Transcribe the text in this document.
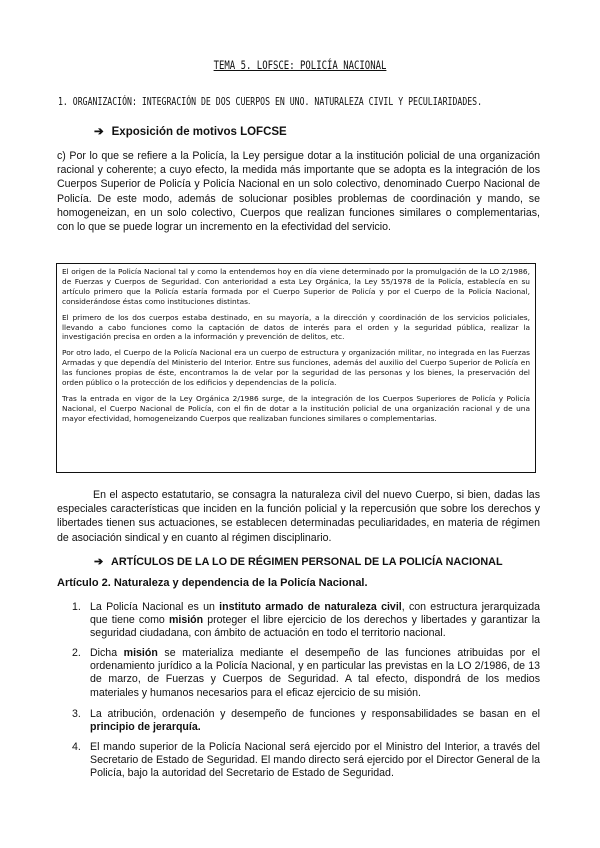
TEMA 5. LOFSCE: POLICÍA NACIONAL
1. ORGANIZACIÓN: INTEGRACIÓN DE DOS CUERPOS EN UNO. NATURALEZA CIVIL Y PECULIARIDADES.
➔ Exposición de motivos LOFCSE
c) Por lo que se refiere a la Policía, la Ley persigue dotar a la institución policial de una organización racional y coherente; a cuyo efecto, la medida más importante que se adopta es la integración de los Cuerpos Superior de Policía y Policía Nacional en un solo colectivo, denominado Cuerpo Nacional de Policía. De este modo, además de solucionar posibles problemas de coordinación y mando, se homogeneizan, en un solo colectivo, Cuerpos que realizan funciones similares o complementarias, con lo que se puede lograr un incremento en la efectividad del servicio.

El origen de la Policía Nacional tal y como la entendemos hoy en día viene determinado por la promulgación de la LO 2/1986, de Fuerzas y Cuerpos de Seguridad. Con anterioridad a esta Ley Orgánica, la Ley 55/1978 de la Policía, establecía en su artículo primero que la Policía estaría formada por el Cuerpo Superior de Policía y por el Cuerpo de la Policía Nacional, considerándose éstas como instituciones distintas.

El primero de los dos cuerpos estaba destinado, en su mayoría, a la dirección y coordinación de los servicios policiales, llevando a cabo funciones como la captación de datos de interés para el orden y la seguridad pública, realizar la investigación precisa en orden a la información y prevención de delitos, etc.

Por otro lado, el Cuerpo de la Policía Nacional era un cuerpo de estructura y organización militar, no integrada en las Fuerzas Armadas y que dependía del Ministerio del Interior. Entre sus funciones, además del auxilio del Cuerpo Superior de Policía en las funciones propias de éste, encontramos la de velar por la seguridad de las personas y los bienes, la preservación del orden público o la protección de los edificios y dependencias de la policía.

Tras la entrada en vigor de la Ley Orgánica 2/1986 surge, de la integración de los Cuerpos Superiores de Policía y Policía Nacional, el Cuerpo Nacional de Policía, con el fin de dotar a la institución policial de una organización racional y de una mayor efectividad, homogeneizando Cuerpos que realizaban funciones similares o complementarias.

En el aspecto estatutario, se consagra la naturaleza civil del nuevo Cuerpo, si bien, dadas las especiales características que inciden en la función policial y la repercusión que sobre los derechos y libertades tienen sus actuaciones, se establecen determinadas peculiaridades, en materia de régimen de asociación sindical y en cuanto al régimen disciplinario.
➔ ARTÍCULOS DE LA LO DE RÉGIMEN PERSONAL DE LA POLICÍA NACIONAL
Artículo 2. Naturaleza y dependencia de la Policía Nacional.
1. La Policía Nacional es un instituto armado de naturaleza civil, con estructura jerarquizada que tiene como misión proteger el libre ejercicio de los derechos y libertades y garantizar la seguridad ciudadana, con ámbito de actuación en todo el territorio nacional.
2. Dicha misión se materializa mediante el desempeño de las funciones atribuidas por el ordenamiento jurídico a la Policía Nacional, y en particular las previstas en la LO 2/1986, de 13 de marzo, de Fuerzas y Cuerpos de Seguridad. A tal efecto, dispondrá de los medios materiales y humanos necesarios para el eficaz ejercicio de su misión.
3. La atribución, ordenación y desempeño de funciones y responsabilidades se basan en el principio de jerarquía.
4. El mando superior de la Policía Nacional será ejercido por el Ministro del Interior, a través del Secretario de Estado de Seguridad. El mando directo será ejercido por el Director General de la Policía, bajo la autoridad del Secretario de Estado de Seguridad.
